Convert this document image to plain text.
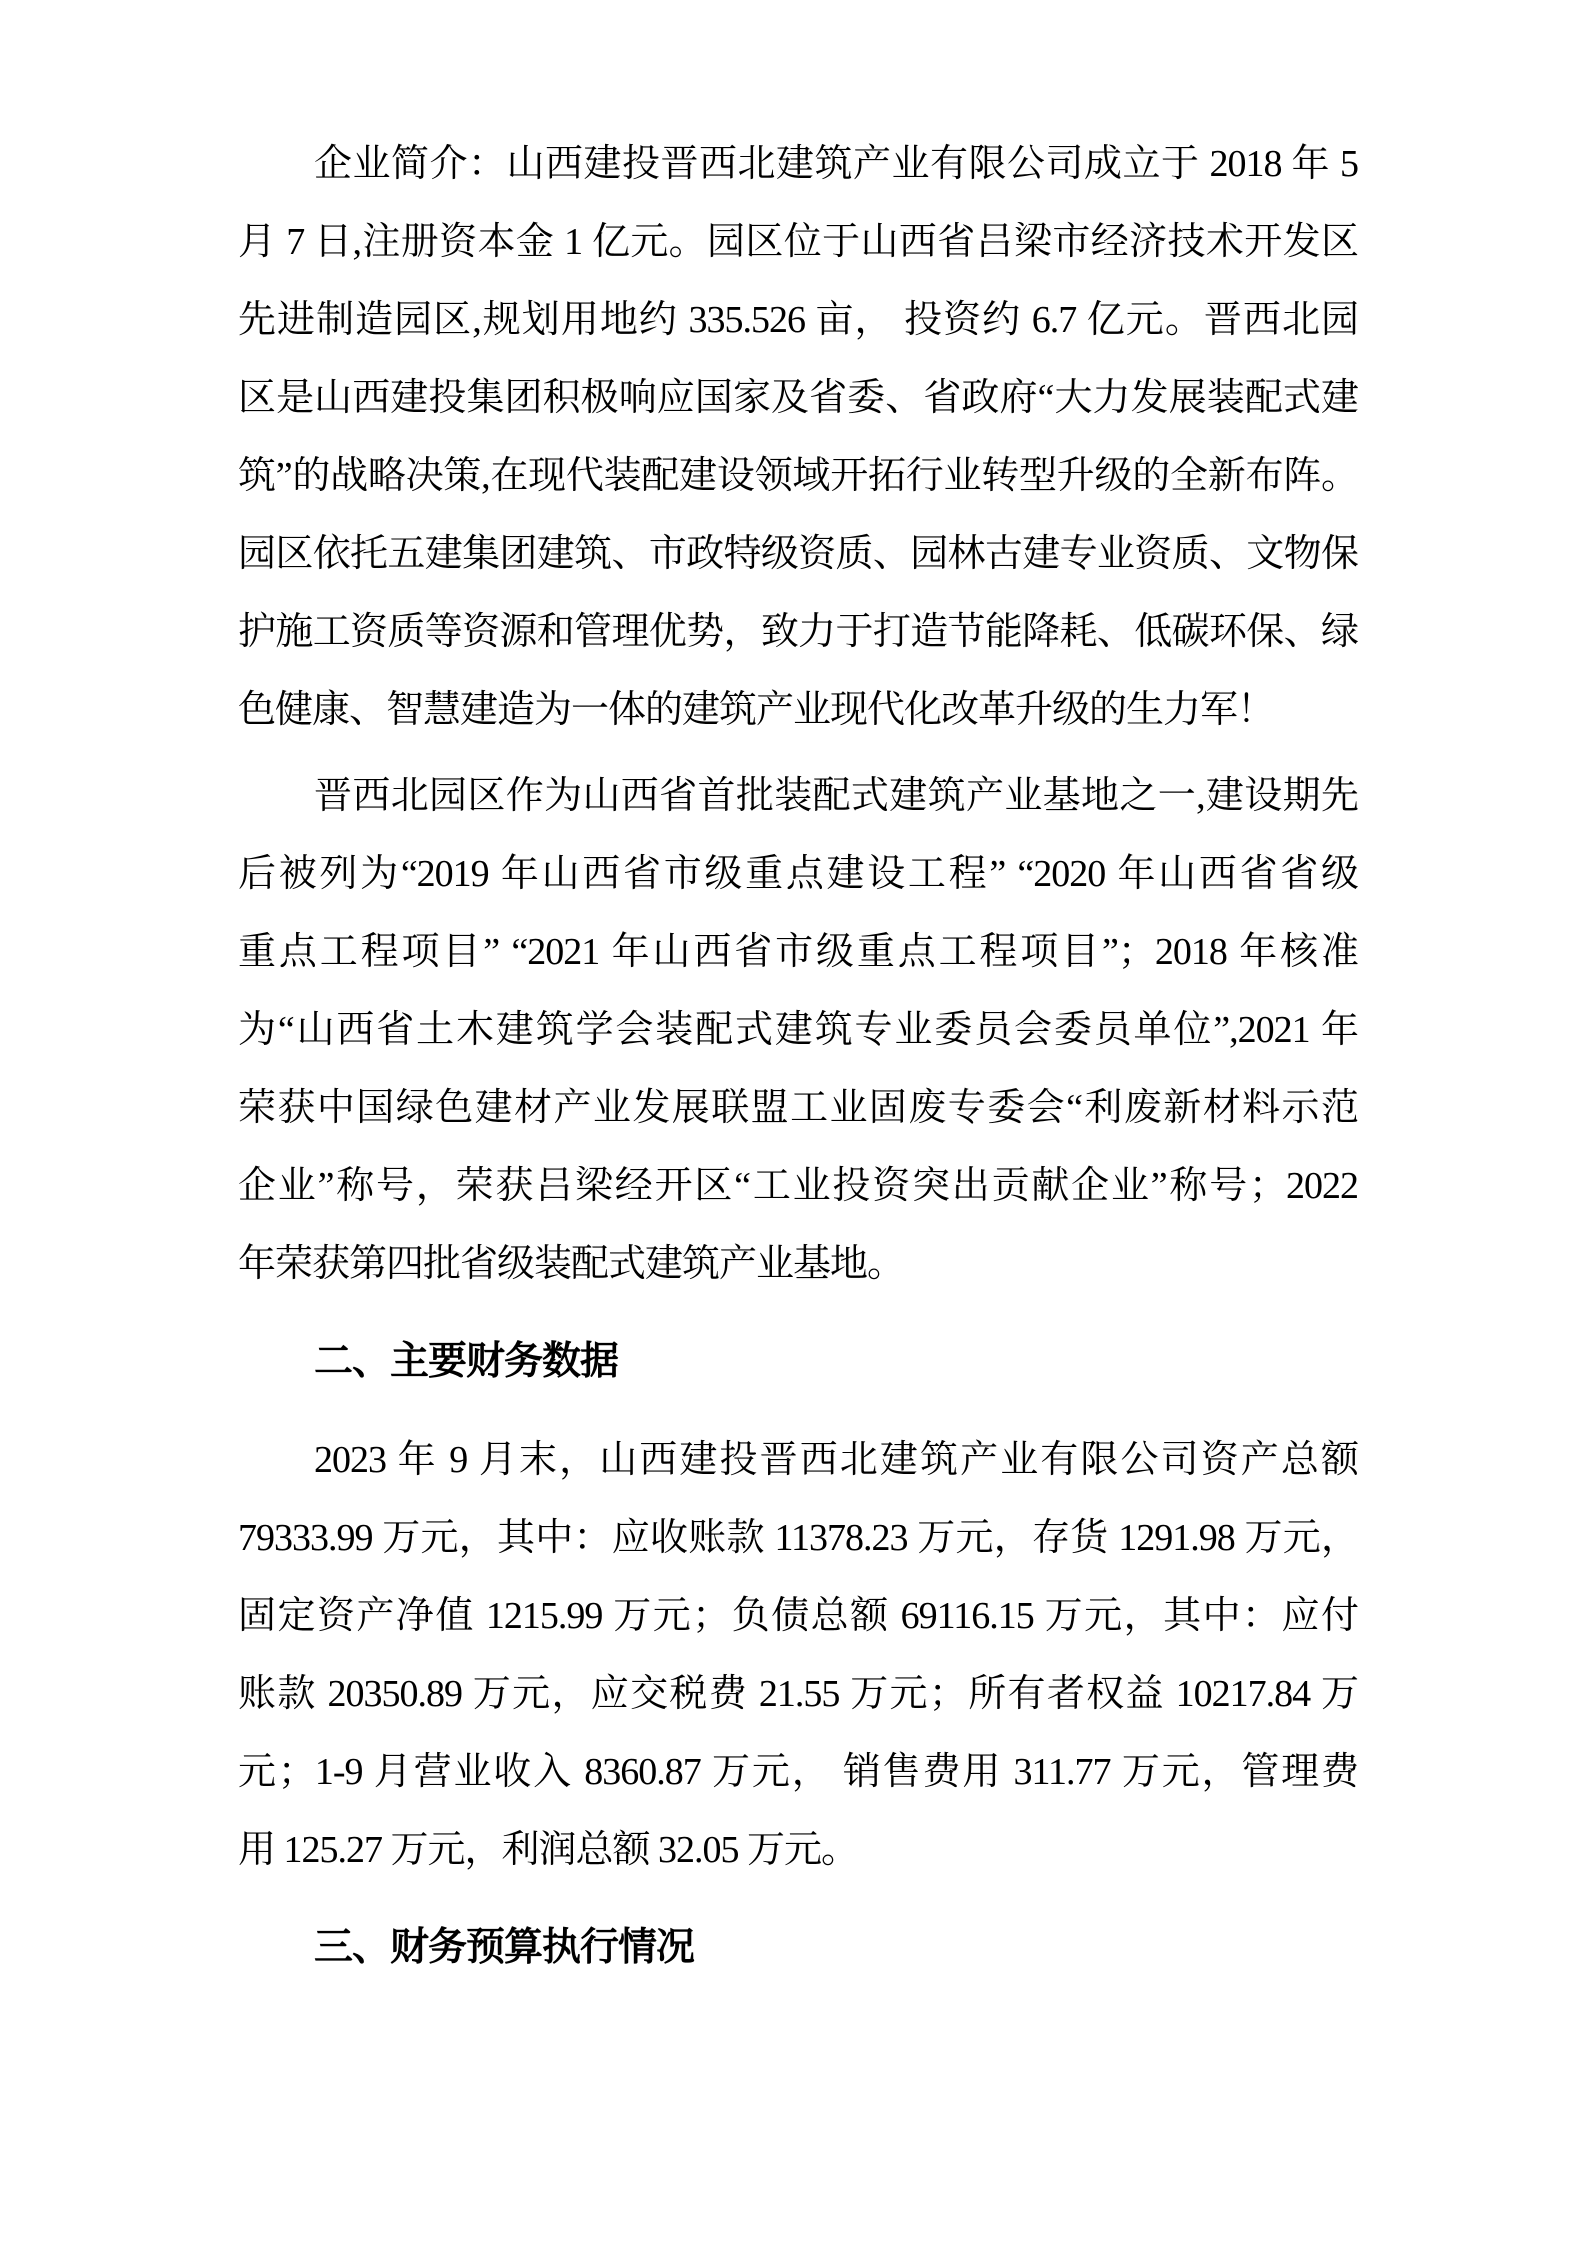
企业简介：山西建投晋西北建筑产业有限公司成立于 2018 年 5
月 7 日,注册资本金 1 亿元。园区位于山西省吕梁市经济技术开发区
先进制造园区,规划用地约 335.526 亩， 投资约 6.7 亿元。晋西北园
区是山西建投集团积极响应国家及省委、省政府“大力发展装配式建
筑”的战略决策,在现代装配建设领域开拓行业转型升级的全新布阵。
园区依托五建集团建筑、市政特级资质、园林古建专业资质、文物保
护施工资质等资源和管理优势，致力于打造节能降耗、低碳环保、绿
色健康、智慧建造为一体的建筑产业现代化改革升级的生力军！
晋西北园区作为山西省首批装配式建筑产业基地之一,建设期先
后被列为“2019 年山西省市级重点建设工程” “2020 年山西省省级
重点工程项目” “2021 年山西省市级重点工程项目”；2018 年核准
为“山西省土木建筑学会装配式建筑专业委员会委员单位”,2021 年
荣获中国绿色建材产业发展联盟工业固废专委会“利废新材料示范
企业”称号，荣获吕梁经开区“工业投资突出贡献企业”称号；2022
年荣获第四批省级装配式建筑产业基地。
二、主要财务数据
2023 年 9 月末，山西建投晋西北建筑产业有限公司资产总额
79333.99 万元，其中：应收账款 11378.23 万元，存货 1291.98 万元，
固定资产净值 1215.99 万元；负债总额 69116.15 万元，其中：应付
账款 20350.89 万元，应交税费 21.55 万元；所有者权益 10217.84 万
元；1-9 月营业收入 8360.87 万元， 销售费用 311.77 万元，管理费
用 125.27 万元，利润总额 32.05 万元。
三、财务预算执行情况
